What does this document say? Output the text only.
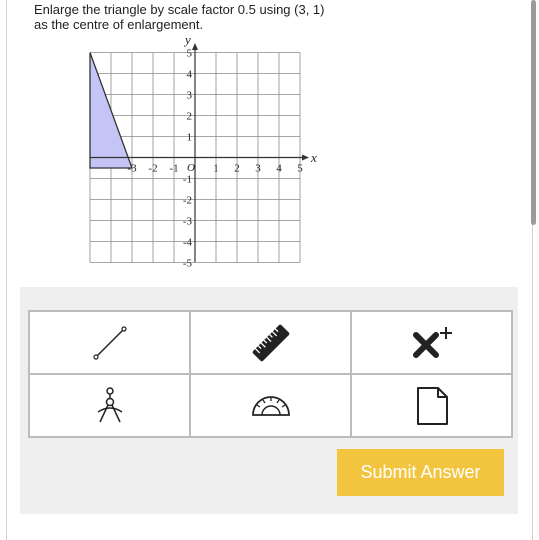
Enlarge the triangle by scale factor 0.5 using (3, 1)
as the centre of enlargement.
x
y
O
-3 -2 -1	1 2 3 4 5
5
4
3
2
1
-1
-2
-3
-4
-5
Submit Answer
